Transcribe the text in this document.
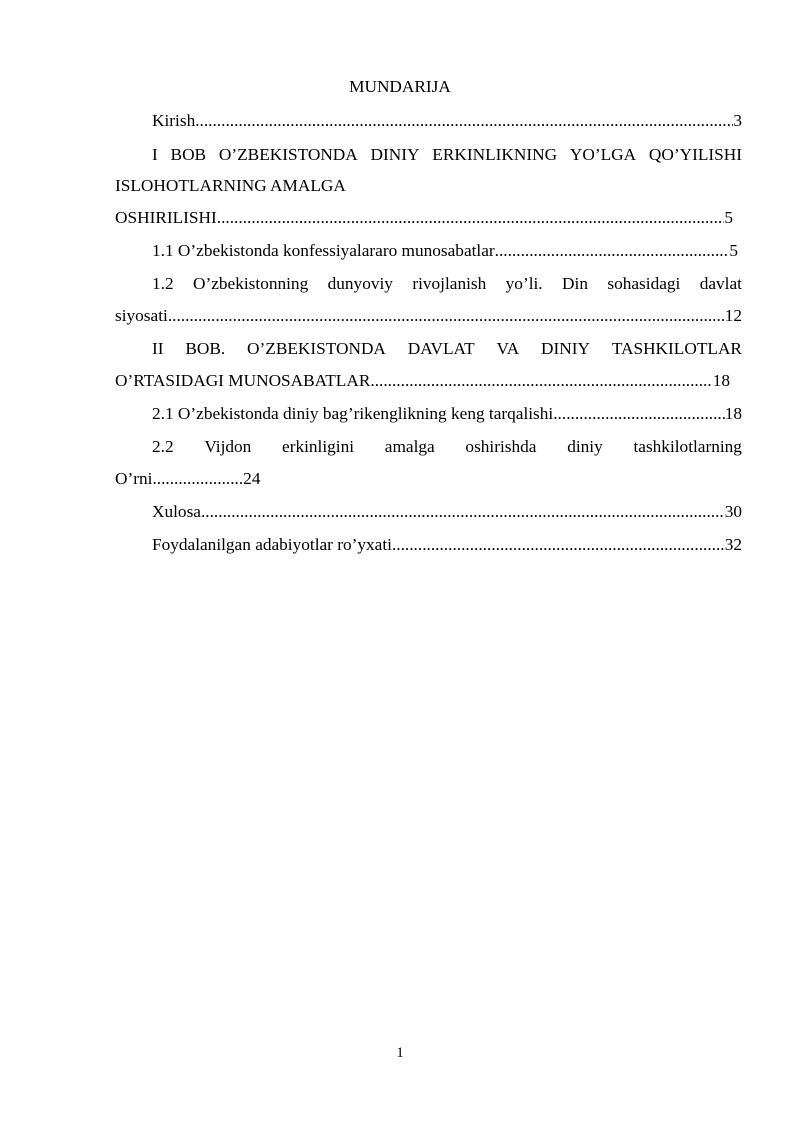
MUNDARIJA
Kirish .....	3
I BOB O’ZBEKISTONDA DINIY ERKINLIKNING YO’LGA QO’YILISHI
ISLOHOTLARNING AMALGA
OSHIRILISHI .....	5
1.1 O’zbekistonda konfessiyalararo munosabatlar .....	5
1.2 O’zbekistonning dunyoviy rivojlanish yo’li. Din sohasidagi davlat
siyosati .....	12
II BOB. O’ZBEKISTONDA DAVLAT VA DINIY TASHKILOTLAR
O’RTASIDAGI MUNOSABATLAR .....	18
2.1 O’zbekistonda diniy bag’rikenglikning keng tarqalishi .....	18
2.2 Vijdon erkinligini amalga oshirishda diniy tashkilotlarning
O’rni.....................24
Xulosa .....	30
Foydalanilgan adabiyotlar ro’yxati .....	32
1
